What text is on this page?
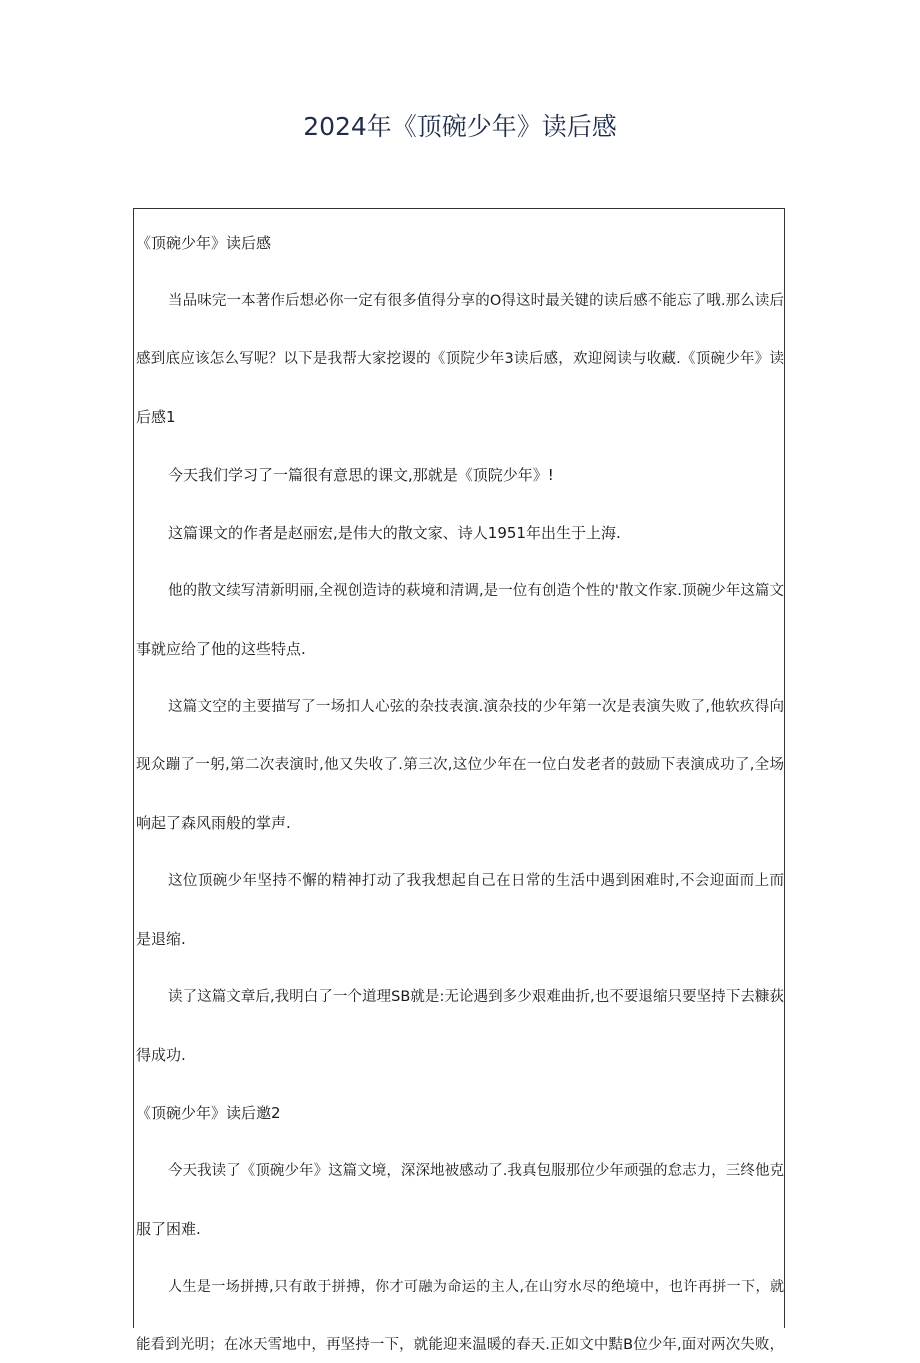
2024年《顶碗少年》读后感
《顶碗少年》读后感
当品味完一本著作后想必你一定有很多值得分享的O得这时最关键的读后感不能忘了哦.那么读后
感到底应该怎么写呢？以下是我帮大家挖谡的《顶院少年3读后感，欢迎阅读与收藏.《顶碗少年》读
后感1
今天我们学习了一篇很有意思的课文,那就是《顶院少年》!
这篇课文的作者是赵丽宏,是伟大的散文家、诗人1951年出生于上海.
他的散文续写清新明丽,全视创造诗的萩境和清调,是一位有创造个性的'散文作家.顶碗少年这篇文
事就应给了他的这些特点.
这篇文空的主要描写了一场扣人心弦的杂技表演.演杂技的少年第一次是表演失败了,他软疚得向
现众蹦了一躬,第二次表演时,他又失收了.第三次,这位少年在一位白发老者的鼓励下表演成功了,全场
响起了森风雨般的掌声.
这位顶碗少年坚持不懈的精神打动了我我想起自己在日常的生活中遇到困难时,不会迎面而上而
是退缩.
读了这篇文章后,我明白了一个道理SB就是:无论遇到多少艰难曲折,也不要退缩只要坚持下去糠荻
得成功.
《顶碗少年》读后邀2
今天我读了《顶碗少年》这篇文境，深深地被感动了.我真包服那位少年顽强的怠志力，三终他克
服了困难.
人生是一场拼搏,只有敢于拼搏，你才可融为命运的主人,在山穷水尽的绝境中，也许再拼一下，就
能看到光明；在冰天雪地中，再坚持一下，就能迎来温暖的春天.正如文中黠B位少年,面对两次失败，
